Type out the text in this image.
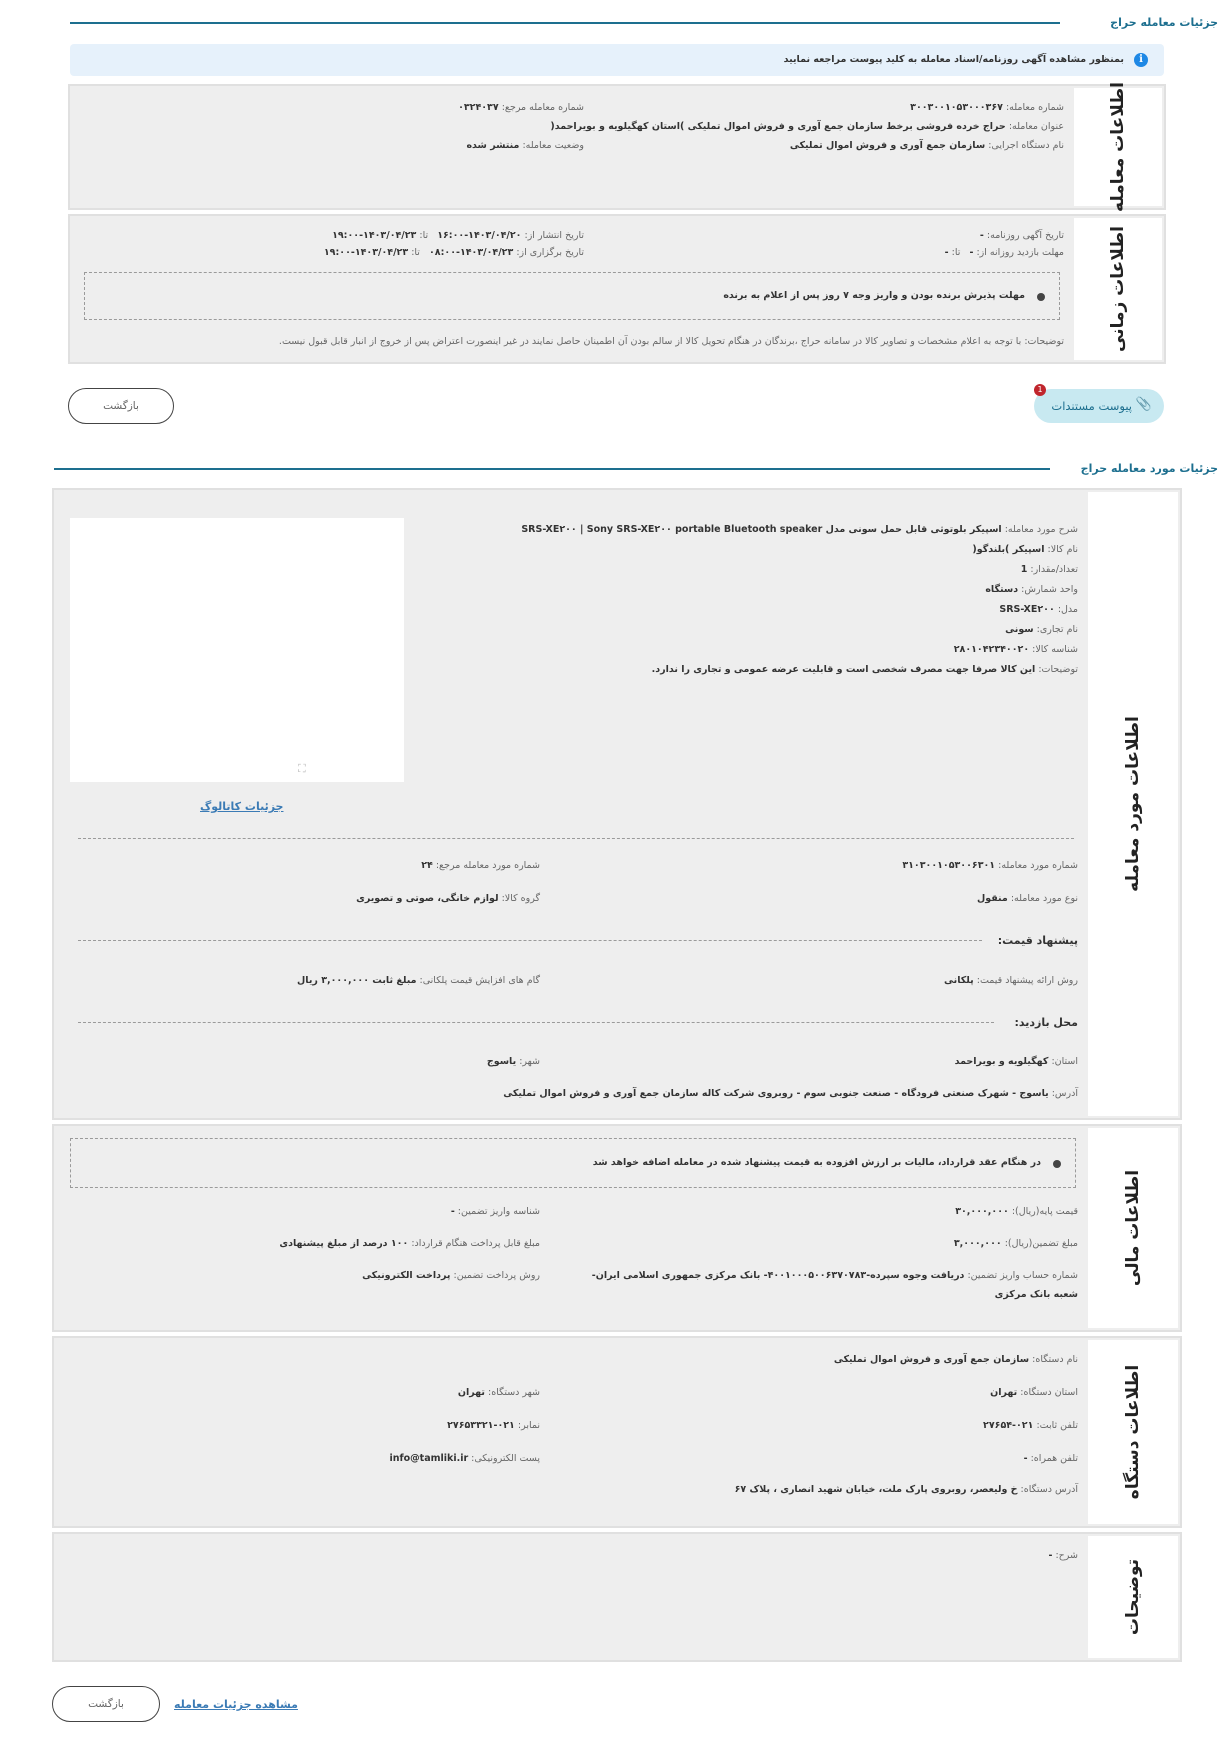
جزئیات معامله حراج
i
بمنظور مشاهده آگهی روزنامه/اسناد معامله به کلید پیوست مراجعه نمایید
اطلاعات معامله
شماره معامله: ۳۰۰۳۰۰۱۰۵۳۰۰۰۳۶۷
عنوان معامله: حراج خرده فروشی برخط سازمان جمع آوری و فروش اموال تملیکی )استان کهگیلویه و بویراحمد(
نام دستگاه اجرایی: سازمان جمع آوری و فروش اموال تملیکی
شماره معامله مرجع: ۰۳۲۴۰۳۷
وضعیت معامله: منتشر شده
اطلاعات زمانی
تاریخ آگهی روزنامه: -
مهلت بازدید روزانه از: -   تا: -
تاریخ انتشار از: ۱۴۰۳/۰۴/۲۰-۱۶:۰۰   تا: ۱۴۰۳/۰۴/۲۳-۱۹:۰۰
تاریخ برگزاری از: ۱۴۰۳/۰۴/۲۳-۰۸:۰۰   تا: ۱۴۰۳/۰۴/۲۳-۱۹:۰۰
مهلت پذیرش برنده بودن و واریز وجه ۷ روز پس از اعلام به برنده
توضیحات: با توجه به اعلام مشخصات و تصاویر کالا در سامانه حراج ،برندگان در هنگام تحویل کالا از سالم بودن آن اطمینان حاصل نمایند در غیر اینصورت اعتراض پس از خروج از انبار قابل قبول نیست.
📎
پیوست مستندات
1
بازگشت
جزئیات مورد معامله حراج
اطلاعات مورد معامله
شرح مورد معامله: اسپیکر بلوتوثی قابل حمل سونی مدل SRS-XE۲۰۰ | Sony SRS-XE۲۰۰ portable Bluetooth speaker
نام کالا: اسپیکر )بلندگو(
تعداد/مقدار: 1
واحد شمارش: دستگاه
مدل: SRS-XE۲۰۰
نام تجاری: سونی
شناسه کالا: ۲۸۰۱۰۴۲۳۴۰۰۲۰
توضیحات: این کالا صرفا جهت مصرف شخصی است و قابلیت عرضه عمومی و تجاری را ندارد.
⛶
جزئیات کاتالوگ
شماره مورد معامله: ۳۱۰۳۰۰۱۰۵۳۰۰۶۳۰۱
شماره مورد معامله مرجع: ۲۴
نوع مورد معامله: منقول
گروه کالا: لوازم خانگی، صوتی و تصویری
پیشنهاد قیمت:
روش ارائه پیشنهاد قیمت: پلکانی
گام های افزایش قیمت پلکانی: مبلغ ثابت ۳,۰۰۰,۰۰۰ ریال
محل بازدید:
استان: کهگیلویه و بویراحمد
شهر: یاسوج
آدرس: یاسوج - شهرک صنعتی فرودگاه - صنعت جنوبی سوم - روبروی شرکت کاله سازمان جمع آوری و فروش اموال تملیکی
اطلاعات مالی
در هنگام عقد قرارداد، مالیات بر ارزش افزوده به قیمت پیشنهاد شده در معامله اضافه خواهد شد
قیمت پایه(ریال): ۳۰,۰۰۰,۰۰۰
شناسه واریز تضمین: -
مبلغ تضمین(ریال): ۳,۰۰۰,۰۰۰
مبلغ قابل پرداخت هنگام قرارداد: ۱۰۰ درصد از مبلغ پیشنهادی
شماره حساب واریز تضمین: دریافت وجوه سپرده-۴۰۰۱۰۰۰۵۰۰۶۳۷۰۷۸۳- بانک مرکزی جمهوری اسلامی ایران-
شعبه بانک مرکزی
روش پرداخت تضمین: پرداخت الکترونیکی
اطلاعات دستگاه
نام دستگاه: سازمان جمع آوری و فروش اموال تملیکی
استان دستگاه: تهران
شهر دستگاه: تهران
تلفن ثابت: ۰۲۱-۲۷۶۵۴
نمابر: ۰۲۱-۲۷۶۵۳۳۲۱
تلفن همراه: -
پست الکترونیکی: info@tamliki.ir
آدرس دستگاه: خ ولیعصر، روبروی پارک ملت، خیابان شهید انصاری ، پلاک ۶۷
توضیحات
شرح: -
بازگشت	مشاهده جزئیات معامله
